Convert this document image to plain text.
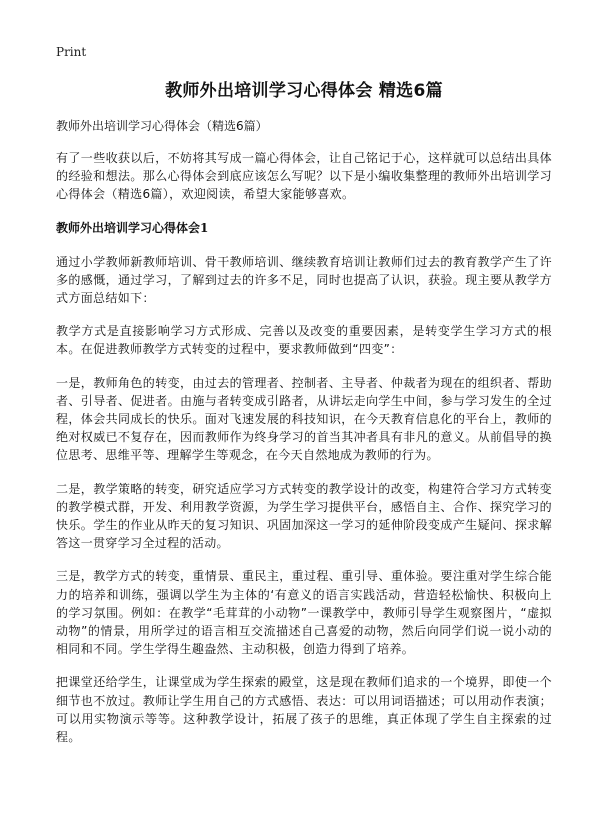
Print
教师外出培训学习心得体会 精选6篇
教师外出培训学习心得体会（精选6篇）

有了一些收获以后，不妨将其写成一篇心得体会，让自己铭记于心，这样就可以总结出具体的经验和想法。那么心得体会到底应该怎么写呢？以下是小编收集整理的教师外出培训学习心得体会（精选6篇），欢迎阅读，希望大家能够喜欢。

教师外出培训学习心得体会1

通过小学教师新教师培训、骨干教师培训、继续教育培训让教师们过去的教育教学产生了许多的感慨，通过学习，了解到过去的许多不足，同时也提高了认识，获验。现主要从教学方式方面总结如下：

教学方式是直接影响学习方式形成、完善以及改变的重要因素，是转变学生学习方式的根本。在促进教师教学方式转变的过程中，要求教师做到“四变”：

一是，教师角色的转变，由过去的管理者、控制者、主导者、仲裁者为现在的组织者、帮助者、引导者、促进者。由施与者转变成引路者，从讲坛走向学生中间，参与学习发生的全过程，体会共同成长的快乐。面对飞速发展的科技知识，在今天教育信息化的平台上，教师的绝对权威已不复存在，因而教师作为终身学习的首当其冲者具有非凡的意义。从前倡导的换位思考、思维平等、理解学生等观念，在今天自然地成为教师的行为。

二是，教学策略的转变，研究适应学习方式转变的教学设计的改变，构建符合学习方式转变的教学模式群，开发、利用教学资源，为学生学习提供平台，感悟自主、合作、探究学习的快乐。学生的作业从昨天的复习知识、巩固加深这一学习的延伸阶段变成产生疑问、探求解答这一贯穿学习全过程的活动。

三是，教学方式的转变，重情景、重民主，重过程、重引导、重体验。要注重对学生综合能力的培养和训练，强调以学生为主体的‘有意义的语言实践活动，营造轻松愉快、积极向上的学习氛围。例如：在教学“毛茸茸的小动物”一课教学中，教师引导学生观察图片，“虚拟动物”的情景，用所学过的语言相互交流描述自己喜爱的动物，然后向同学们说一说小动的相同和不同。学生学得生趣盎然、主动积极，创造力得到了培养。

把课堂还给学生，让课堂成为学生探索的殿堂，这是现在教师们追求的一个境界，即使一个细节也不放过。教师让学生用自己的方式感悟、表达：可以用词语描述；可以用动作表演；可以用实物演示等等。这种教学设计，拓展了孩子的思维，真正体现了学生自主探索的过程。
